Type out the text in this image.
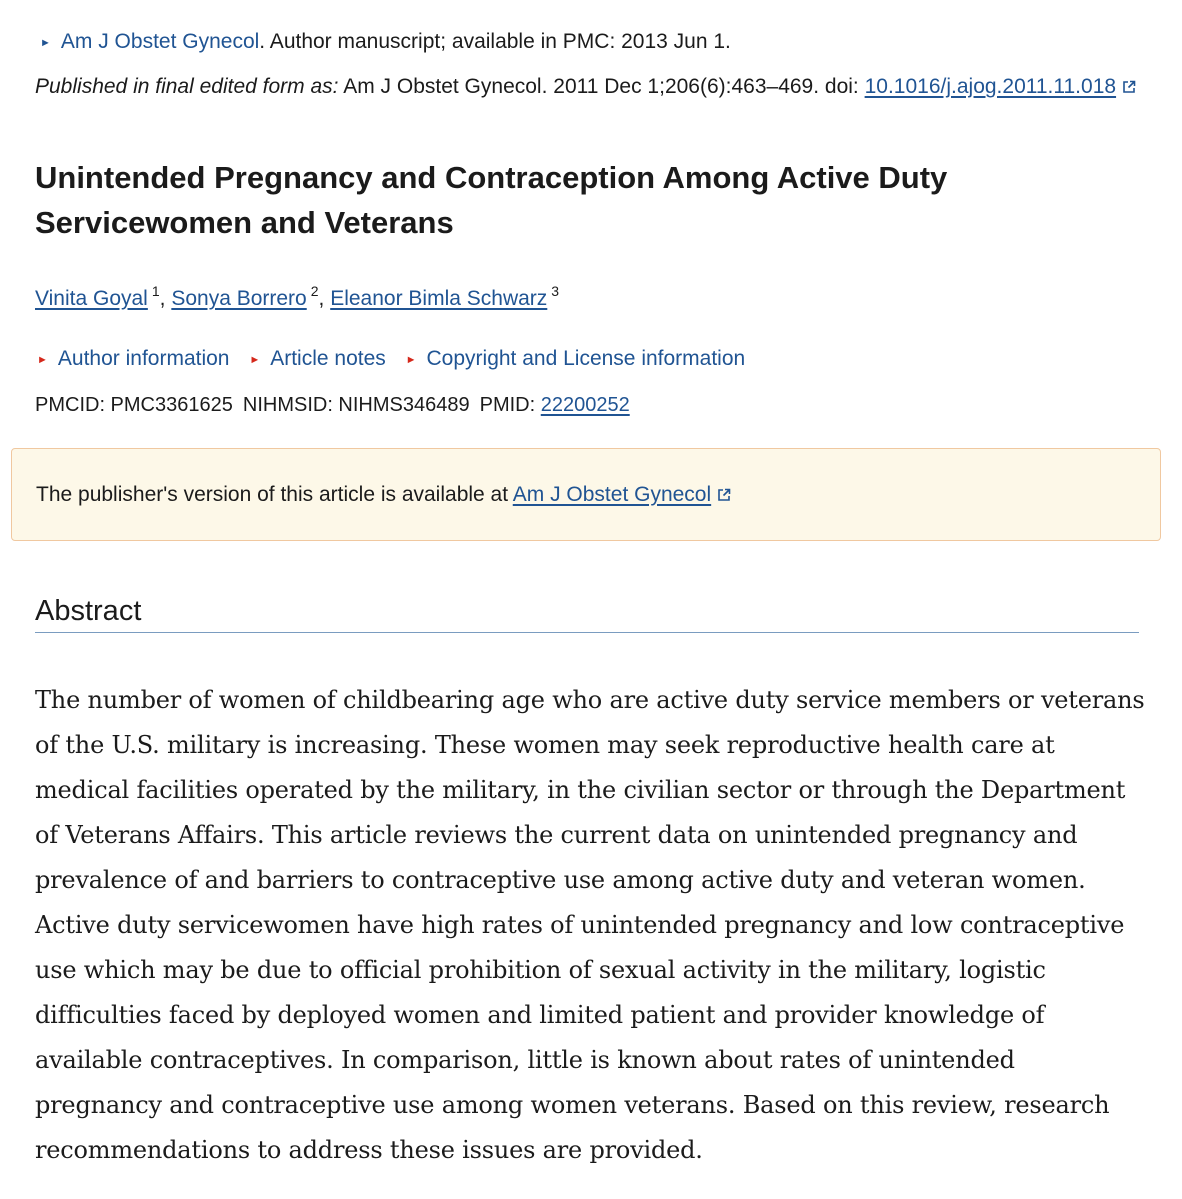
► Am J Obstet Gynecol. Author manuscript; available in PMC: 2013 Jun 1.
Published in final edited form as: Am J Obstet Gynecol. 2011 Dec 1;206(6):463–469. doi: 10.1016/j.ajog.2011.11.018
Unintended Pregnancy and Contraception Among Active Duty Servicewomen and Veterans
Vinita Goyal $^1$, Sonya Borrero $^2$, Eleanor Bimla Schwarz $^3$
► Author information ► Article notes ► Copyright and License information
PMCID: PMC3361625 NIHMSID: NIHMS346489 PMID: 22200252
The publisher's version of this article is available at Am J Obstet Gynecol
Abstract

The number of women of childbearing age who are active duty service members or veterans of the U.S. military is increasing. These women may seek reproductive health care at medical facilities operated by the military, in the civilian sector or through the Department of Veterans Affairs. This article reviews the current data on unintended pregnancy and prevalence of and barriers to contraceptive use among active duty and veteran women. Active duty servicewomen have high rates of unintended pregnancy and low contraceptive use which may be due to official prohibition of sexual activity in the military, logistic difficulties faced by deployed women and limited patient and provider knowledge of available contraceptives. In comparison, little is known about rates of unintended pregnancy and contraceptive use among women veterans. Based on this review, research recommendations to address these issues are provided.
